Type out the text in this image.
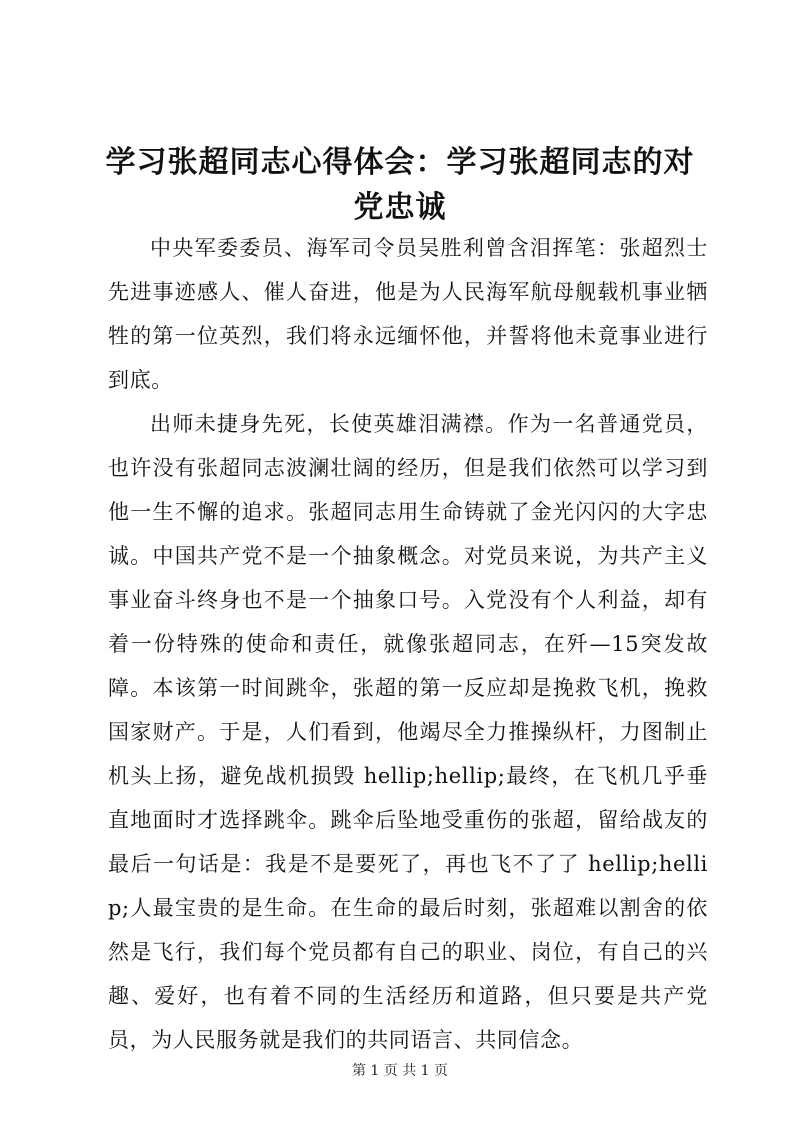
学习张超同志心得体会：学习张超同志的对党忠诚

中央军委委员、海军司令员吴胜利曾含泪挥笔：张超烈士先进事迹感人、催人奋进，他是为人民海军航母舰载机事业牺牲的第一位英烈，我们将永远缅怀他，并誓将他未竟事业进行到底。

出师未捷身先死，长使英雄泪满襟。作为一名普通党员，也许没有张超同志波澜壮阔的经历，但是我们依然可以学习到他一生不懈的追求。张超同志用生命铸就了金光闪闪的大字忠诚。中国共产党不是一个抽象概念。对党员来说，为共产主义事业奋斗终身也不是一个抽象口号。入党没有个人利益，却有着一份特殊的使命和责任，就像张超同志，在歼—15突发故障。本该第一时间跳伞，张超的第一反应却是挽救飞机，挽救国家财产。于是，人们看到，他竭尽全力推操纵杆，力图制止机头上扬，避免战机损毁 hellip;hellip;最终，在飞机几乎垂直地面时才选择跳伞。跳伞后坠地受重伤的张超，留给战友的最后一句话是：我是不是要死了，再也飞不了了 hellip;hellip;人最宝贵的是生命。在生命的最后时刻，张超难以割舍的依然是飞行，我们每个党员都有自己的职业、岗位，有自己的兴趣、爱好，也有着不同的生活经历和道路，但只要是共产党员，为人民服务就是我们的共同语言、共同信念。

第 1 页 共 1 页
